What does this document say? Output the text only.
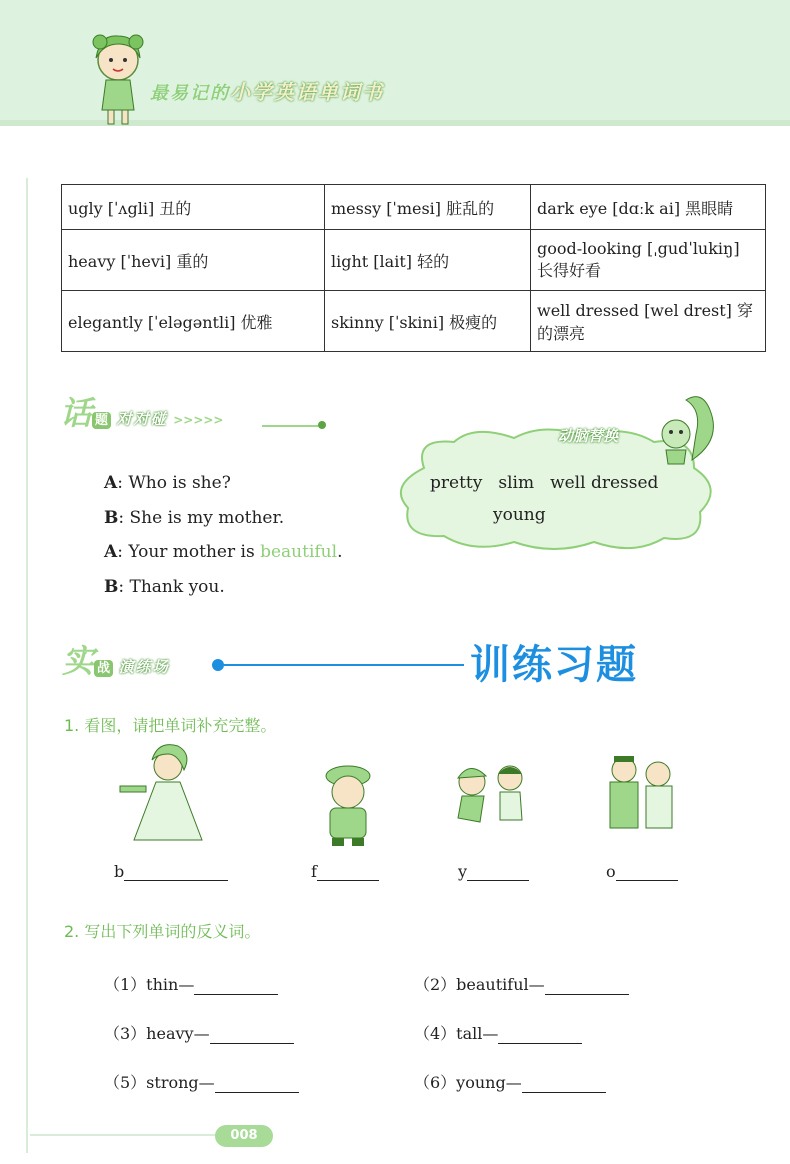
最易记的小学英语单词书
ugly [ˈʌgli] 丑的	messy [ˈmesi] 脏乱的	dark eye [dɑːk ai] 黑眼睛
heavy [ˈhevi] 重的	light [lait] 轻的	good-looking [ˌgudˈlukiŋ] 长得好看
elegantly [ˈeləgəntli] 优雅	skinny [ˈskini] 极瘦的	well dressed [wel drest] 穿的漂亮
话题 对对碰 >>>>>
A: Who is she?
B: She is my mother.
A: Your mother is beautiful.
B: Thank you.
动脑替换
pretty slim well dressed
young
实战 演练场	训练习题
1. 看图，请把单词补充完整。
b	f	y	o
2. 写出下列单词的反义词。
（1）thin—	（2）beautiful—
（3）heavy—	（4）tall—
（5）strong—	（6）young—
008
